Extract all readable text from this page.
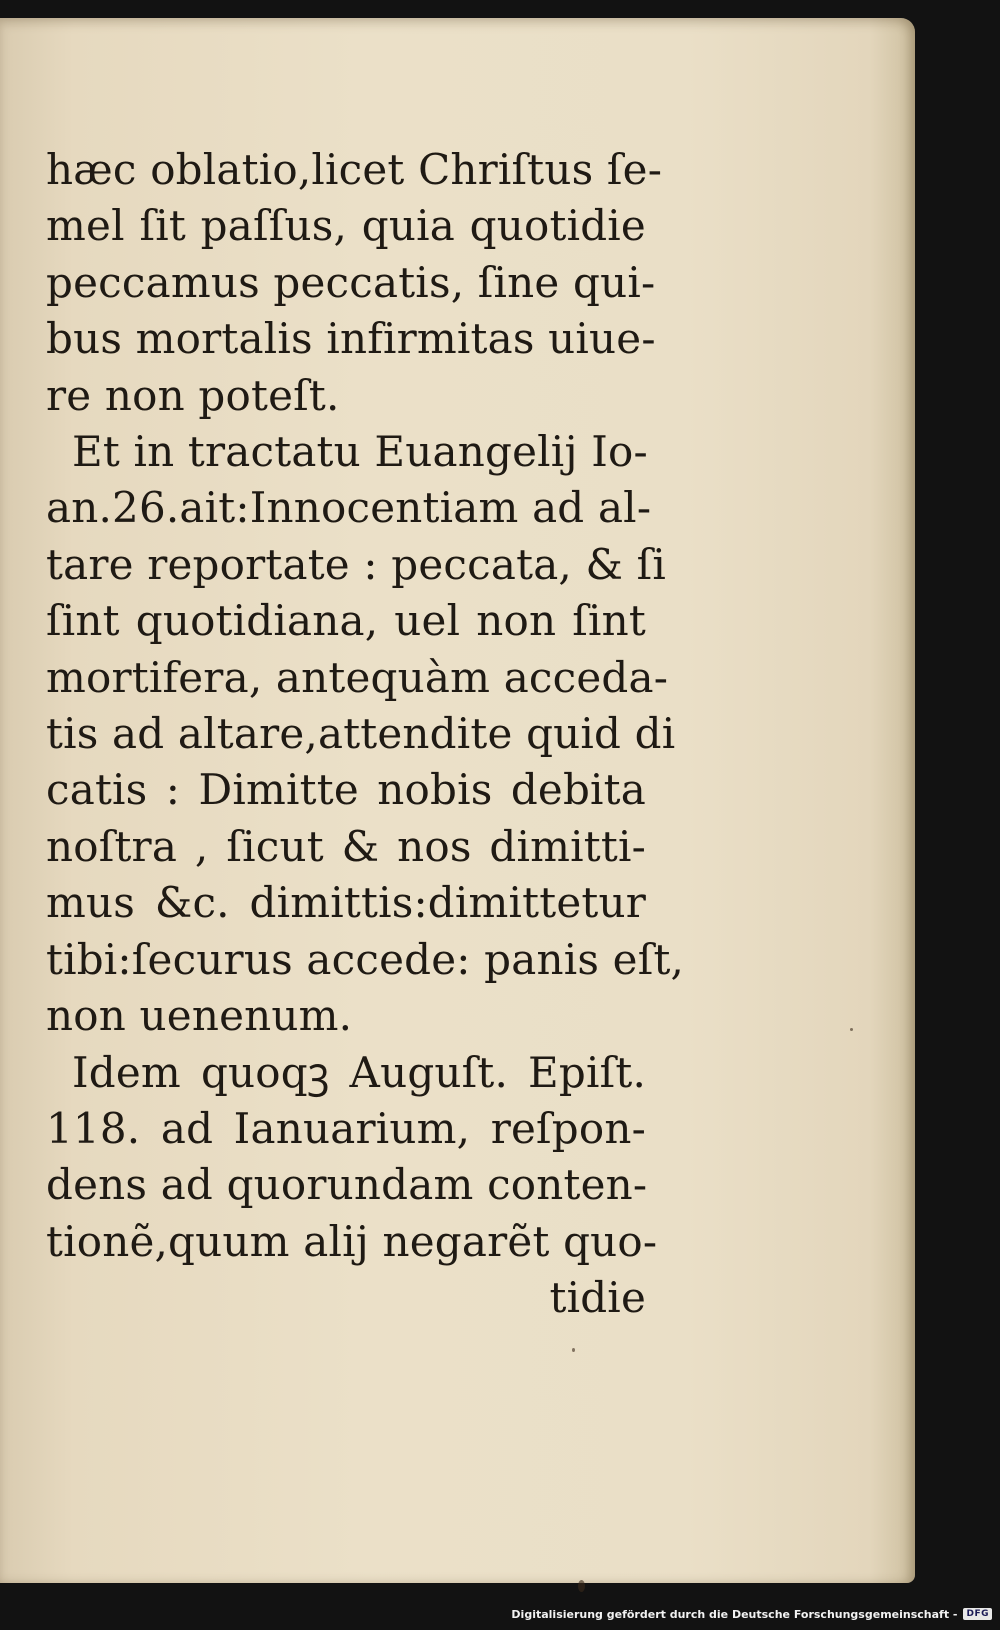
hæc oblatio,licet Chriſtus ſe-
mel ſit paſſus, quia quotidie
peccamus peccatis, ſine qui-
bus mortalis infirmitas uiue-
re non poteſt.
Et in tractatu Euangelij Io-
an.26.ait:Innocentiam ad al-
tare reportate : peccata, & ſi
ſint quotidiana, uel non ſint
mortifera, antequàm acceda-
tis ad altare,attendite quid di
catis : Dimitte nobis debita
noſtra , ſicut & nos dimitti-
mus &c. dimittis:dimittetur
tibi:ſecurus accede: panis eſt,
non uenenum.
Idem quoqꝫ Auguſt. Epiſt.
118. ad Ianuarium, reſpon-
dens ad quorundam conten-
tionẽ,quum alij negarẽt quo-
tidie
Digitalisierung gefördert durch die Deutsche Forschungsgemeinschaft -	DFG
